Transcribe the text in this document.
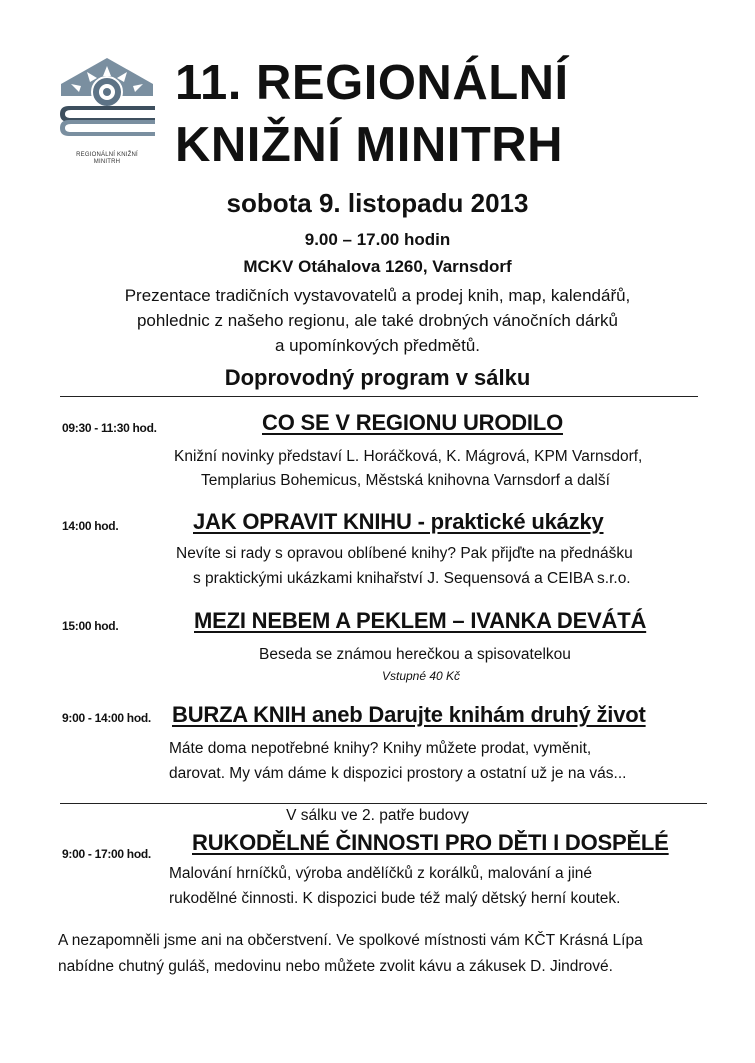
REGIONÁLNÍ KNIŽNÍ
MINITRH
11. REGIONÁLNÍ
KNIŽNÍ MINITRH
sobota 9. listopadu 2013
9.00 – 17.00 hodin
MCKV Otáhalova 1260, Varnsdorf
Prezentace tradičních vystavovatelů a prodej knih, map, kalendářů,
pohlednic z našeho regionu, ale také drobných vánočních dárků
a upomínkových předmětů.
Doprovodný program v sálku
09:30 - 11:30 hod.	CO SE V REGIONU URODILO
Knižní novinky představí L. Horáčková, K. Mágrová, KPM Varnsdorf,
Templarius Bohemicus, Městská knihovna Varnsdorf a další
14:00 hod.	JAK OPRAVIT KNIHU - praktické ukázky
Nevíte si rady s opravou oblíbené knihy? Pak přijďte na přednášku
s praktickými ukázkami knihařství J. Sequensová a CEIBA s.r.o.
15:00 hod.	MEZI NEBEM A PEKLEM – IVANKA DEVÁTÁ
Beseda se známou herečkou a spisovatelkou
Vstupné 40 Kč
9:00 - 14:00 hod. BURZA KNIH aneb Darujte knihám druhý život
Máte doma nepotřebné knihy? Knihy můžete prodat, vyměnit,
darovat. My vám dáme k dispozici prostory a ostatní už je na vás...
V sálku ve 2. patře budovy
9:00 - 17:00 hod. RUKODĚLNÉ ČINNOSTI PRO DĚTI I DOSPĚLÉ
Malování hrníčků, výroba andělíčků z korálků, malování a jiné
rukodělné činnosti. K dispozici bude též malý dětský herní koutek.
A nezapomněli jsme ani na občerstvení. Ve spolkové místnosti vám KČT Krásná Lípa
nabídne chutný guláš, medovinu nebo můžete zvolit kávu a zákusek D. Jindrové.
